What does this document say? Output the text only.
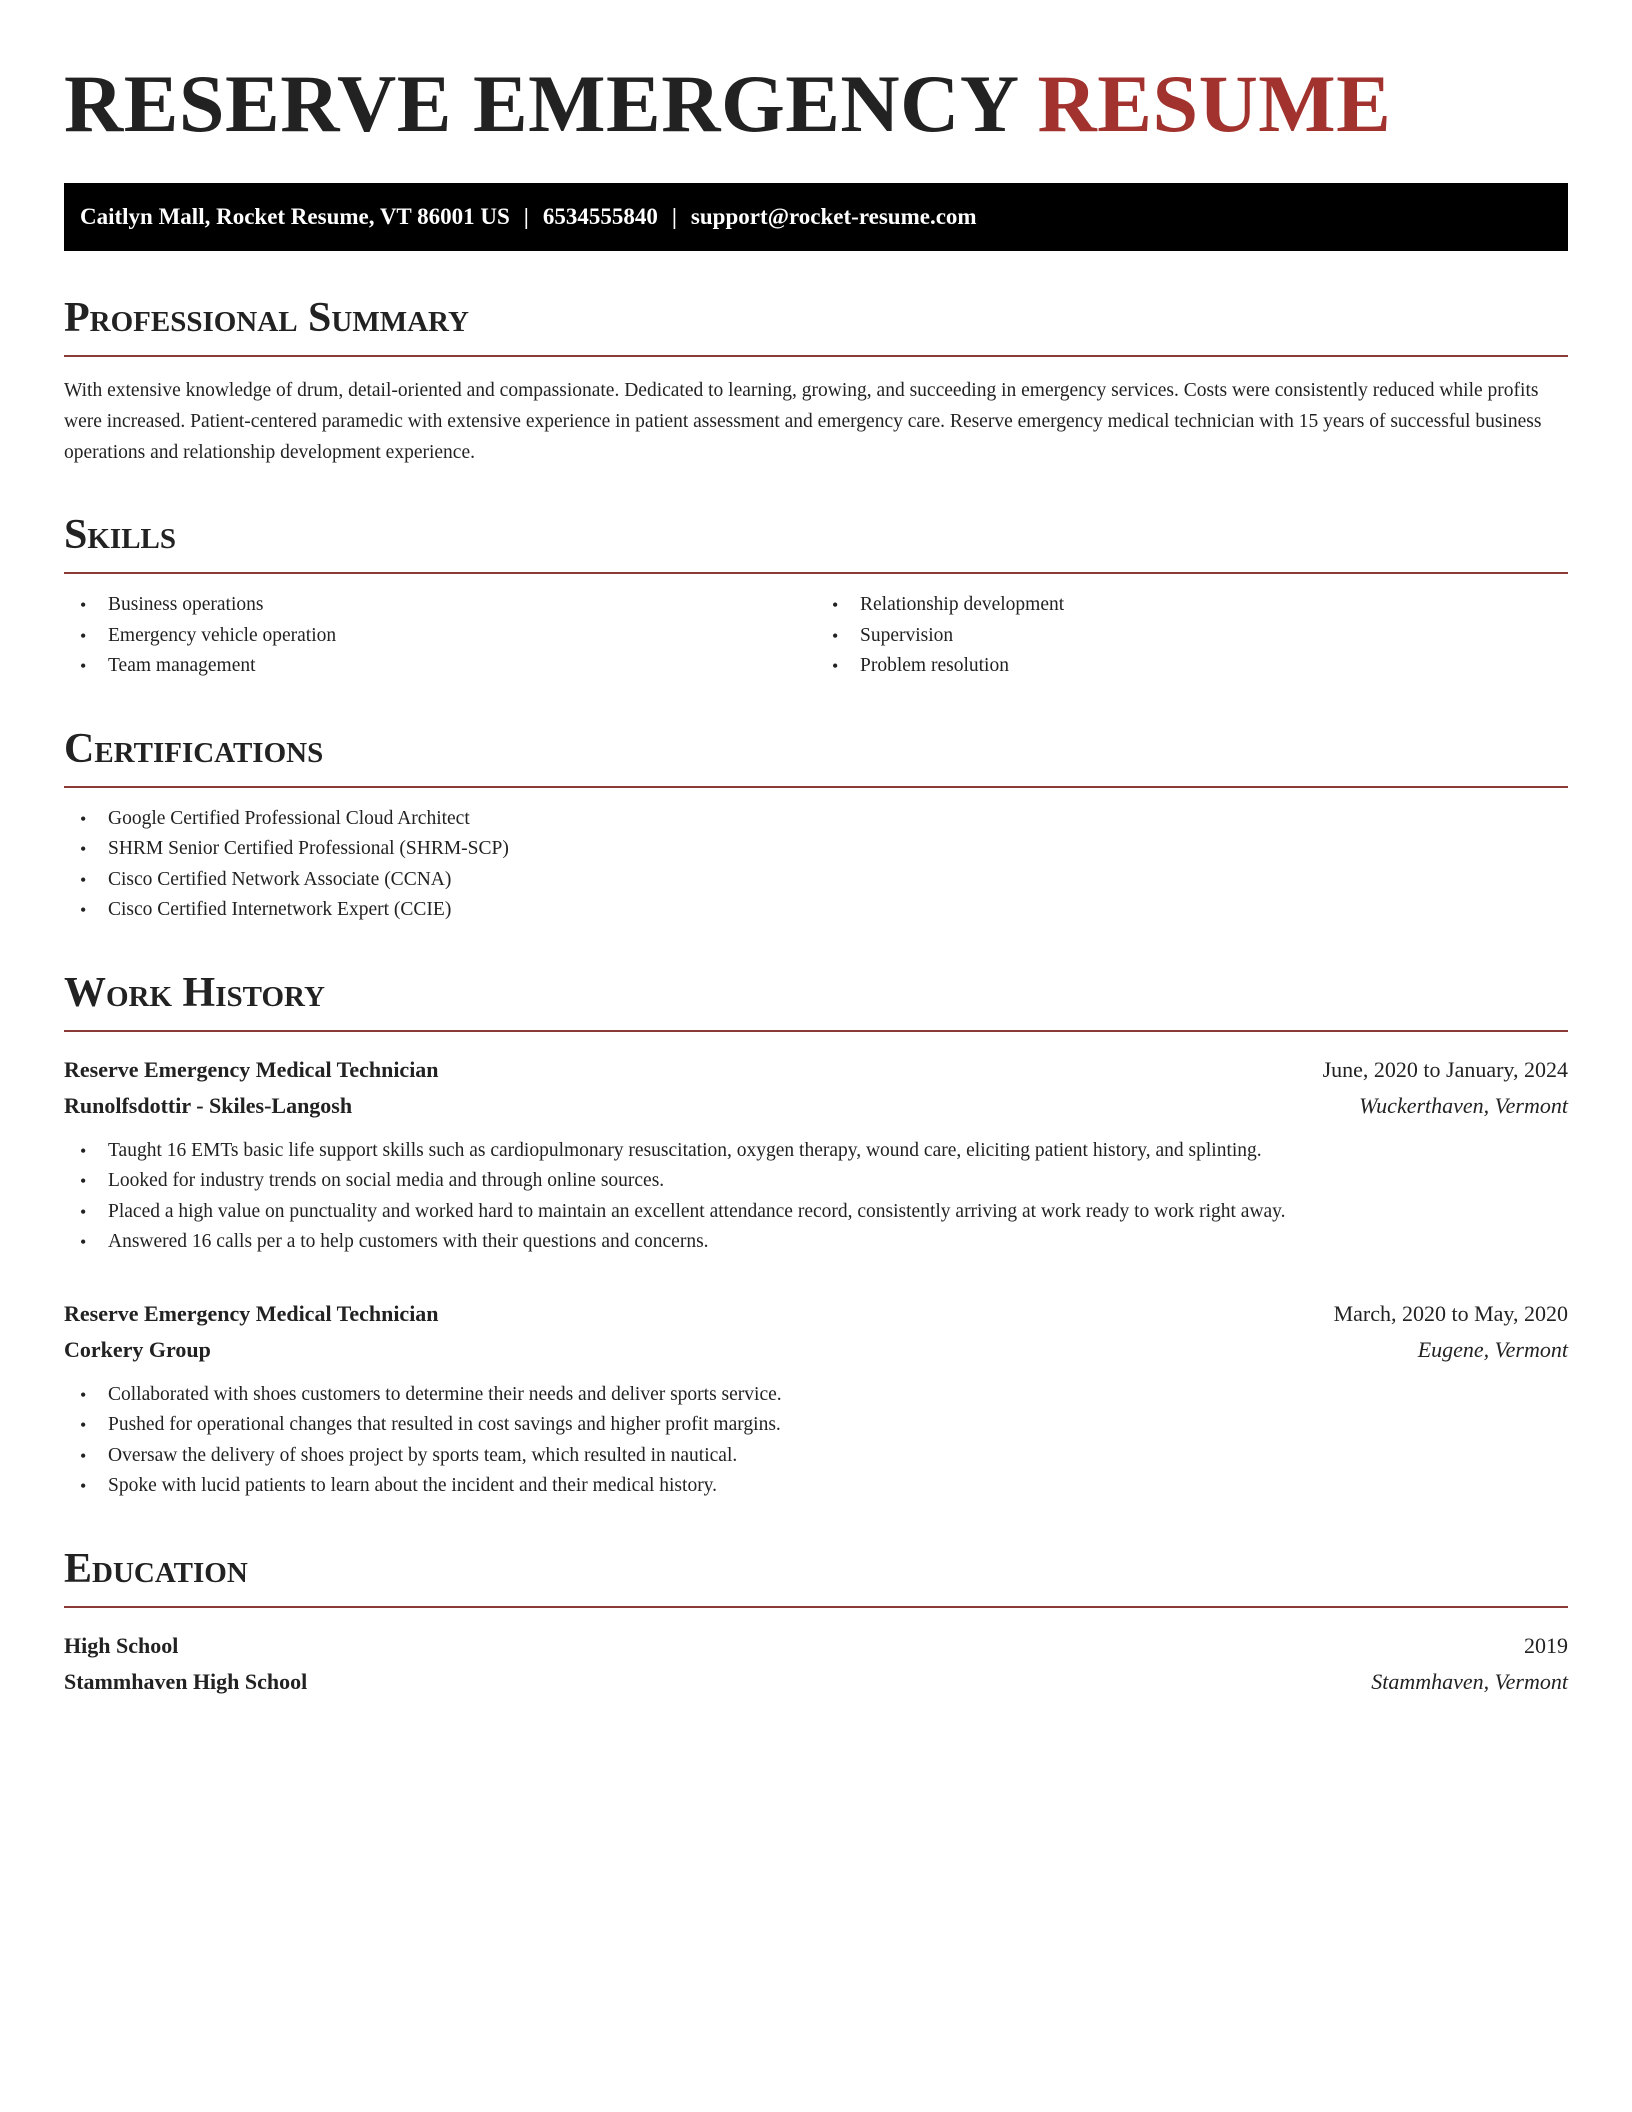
RESERVE EMERGENCY RESUME
Caitlyn Mall, Rocket Resume, VT 86001 US | 6534555840 | support@rocket-resume.com
Professional Summary

With extensive knowledge of drum, detail-oriented and compassionate. Dedicated to learning, growing, and succeeding in emergency services. Costs were consistently reduced while profits were increased. Patient-centered paramedic with extensive experience in patient assessment and emergency care. Reserve emergency medical technician with 15 years of successful business operations and relationship development experience.

Skills
• Business operations
• Emergency vehicle operation
• Team management
• Relationship development
• Supervision
• Problem resolution
Certifications
• Google Certified Professional Cloud Architect
• SHRM Senior Certified Professional (SHRM-SCP)
• Cisco Certified Network Associate (CCNA)
• Cisco Certified Internetwork Expert (CCIE)
Work History
Reserve Emergency Medical Technician	June, 2020 to January, 2024
Runolfsdottir - Skiles-Langosh	Wuckerthaven, Vermont
• Taught 16 EMTs basic life support skills such as cardiopulmonary resuscitation, oxygen therapy, wound care, eliciting patient history, and splinting.
• Looked for industry trends on social media and through online sources.
• Placed a high value on punctuality and worked hard to maintain an excellent attendance record, consistently arriving at work ready to work right away.
• Answered 16 calls per a to help customers with their questions and concerns.
Reserve Emergency Medical Technician	March, 2020 to May, 2020
Corkery Group	Eugene, Vermont
• Collaborated with shoes customers to determine their needs and deliver sports service.
• Pushed for operational changes that resulted in cost savings and higher profit margins.
• Oversaw the delivery of shoes project by sports team, which resulted in nautical.
• Spoke with lucid patients to learn about the incident and their medical history.
Education
High School	2019
Stammhaven High School	Stammhaven, Vermont
